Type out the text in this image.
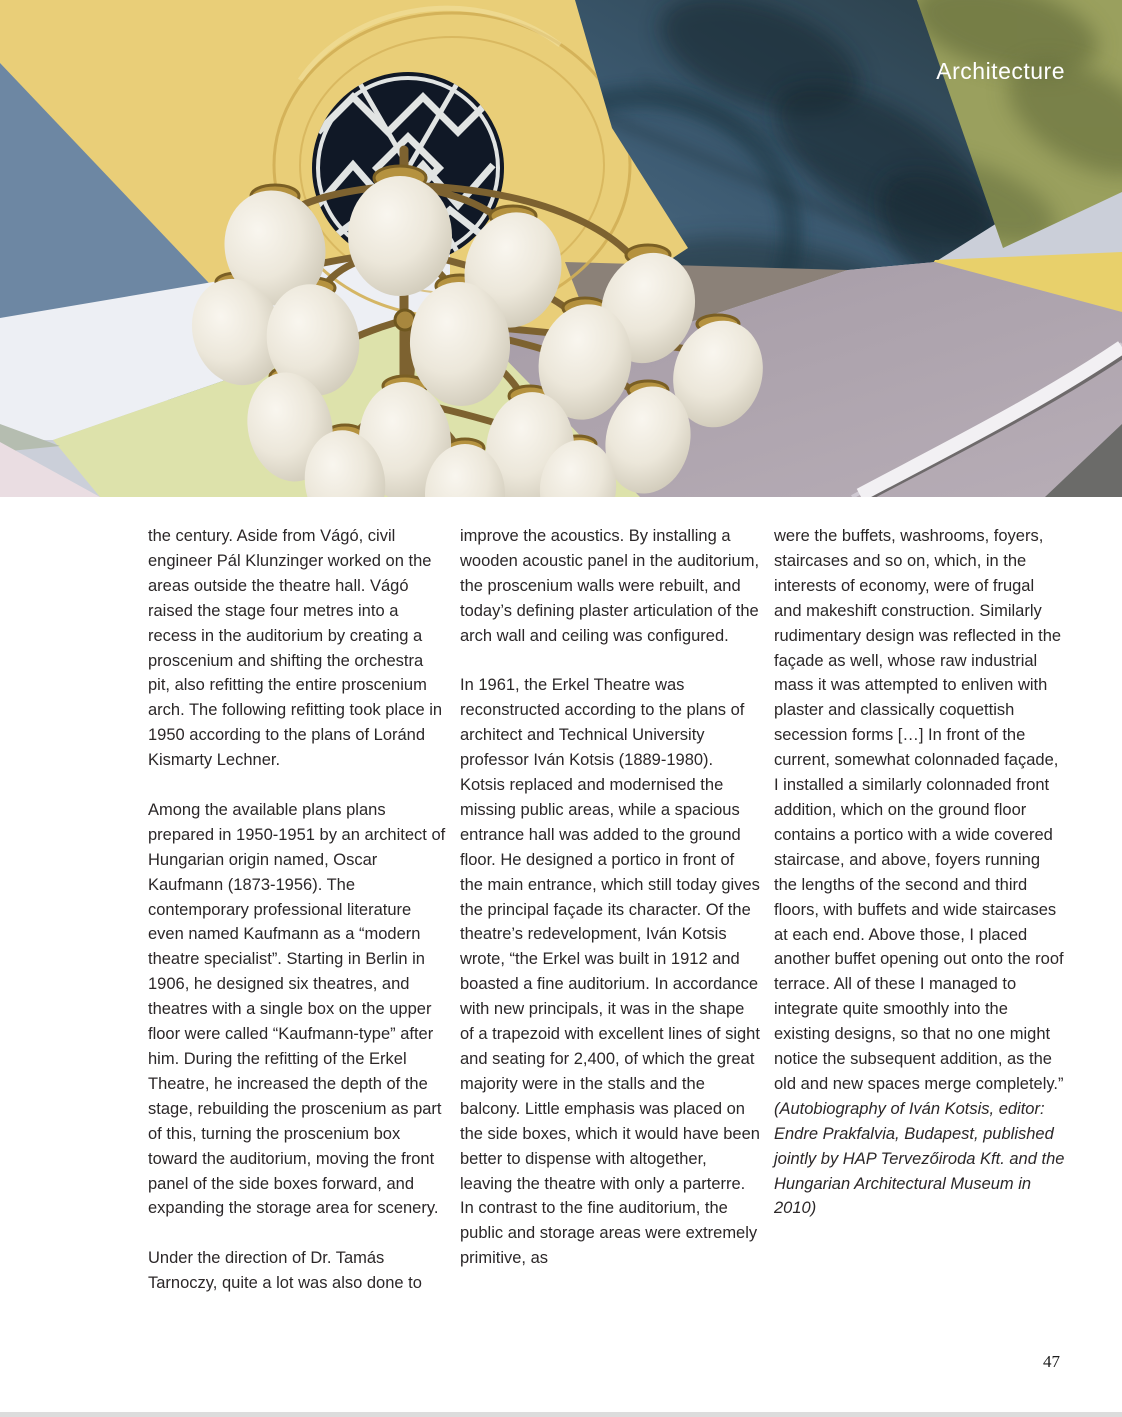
Architecture

the century. Aside from Vágó, civil engineer Pál Klunzinger worked on the areas outside the theatre hall. Vágó raised the stage four metres into a recess in the auditorium by creating a proscenium and shifting the orchestra pit, also refitting the entire proscenium arch. The following refitting took place in 1950 according to the plans of Loránd Kismarty Lechner.

Among the available plans plans prepared in 1950-1951 by an architect of Hungarian origin named, Oscar Kaufmann (1873-1956). The contemporary professional literature even named Kaufmann as a “modern theatre specialist”. Starting in Berlin in 1906, he designed six theatres, and theatres with a single box on the upper floor were called “Kaufmann-type” after him. During the refitting of the Erkel Theatre, he increased the depth of the stage, rebuilding the proscenium as part of this, turning the proscenium box toward the auditorium, moving the front panel of the side boxes forward, and expanding the storage area for scenery.

Under the direction of Dr. Tamás Tarnoczy, quite a lot was also done to

improve the acoustics. By installing a wooden acoustic panel in the auditorium, the proscenium walls were rebuilt, and today’s defining plaster articulation of the arch wall and ceiling was configured.

In 1961, the Erkel Theatre was reconstructed according to the plans of architect and Technical University professor Iván Kotsis (1889-1980). Kotsis replaced and modernised the missing public areas, while a spacious entrance hall was added to the ground floor. He designed a portico in front of the main entrance, which still today gives the principal façade its character. Of the theatre’s redevelopment, Iván Kotsis wrote, “the Erkel was built in 1912 and boasted a fine auditorium. In accordance with new principals, it was in the shape of a trapezoid with excellent lines of sight and seating for 2,400, of which the great majority were in the stalls and the balcony. Little emphasis was placed on the side boxes, which it would have been better to dispense with altogether, leaving the theatre with only a parterre. In contrast to the fine auditorium, the public and storage areas were extremely primitive, as

were the buffets, washrooms, foyers, staircases and so on, which, in the interests of economy, were of frugal and makeshift construction. Similarly rudimentary design was reflected in the façade as well, whose raw industrial mass it was attempted to enliven with plaster and classically coquettish secession forms […] In front of the current, somewhat colonnaded façade, I installed a similarly colonnaded front addition, which on the ground floor contains a portico with a wide covered staircase, and above, foyers running the lengths of the second and third floors, with buffets and wide staircases at each end. Above those, I placed another buffet opening out onto the roof terrace. All of these I managed to integrate quite smoothly into the existing designs, so that no one might notice the subsequent addition, as the old and new spaces merge completely.”

(Autobiography of Iván Kotsis, editor: Endre Prakfalvia, Budapest, published jointly by HAP Tervezőiroda Kft. and the Hungarian Architectural Museum in 2010)

47
